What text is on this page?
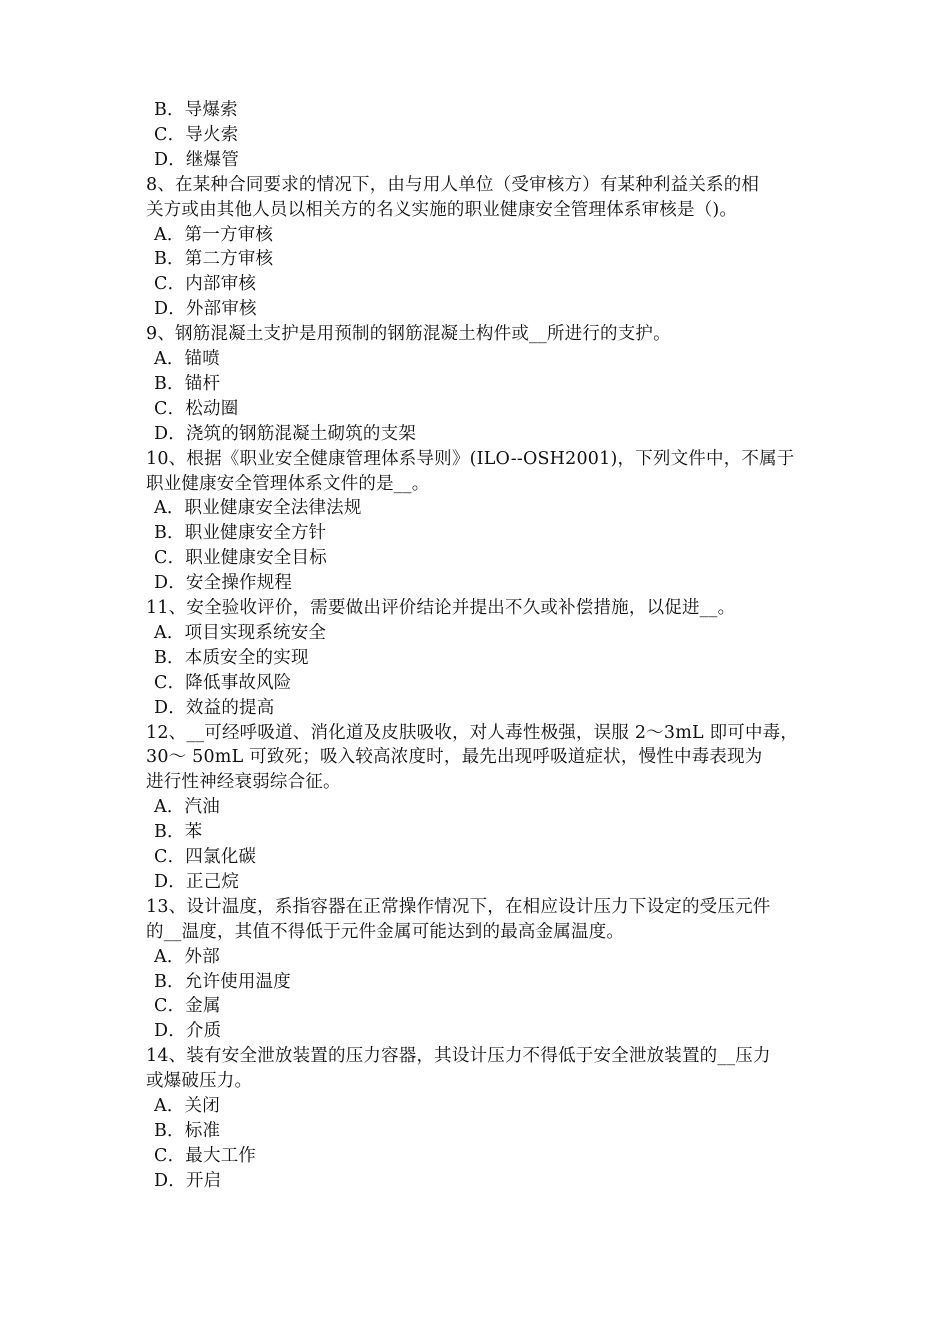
B．导爆索
C．导火索
D．继爆管
8、在某种合同要求的情况下，由与用人单位（受审核方）有某种利益关系的相
关方或由其他人员以相关方的名义实施的职业健康安全管理体系审核是（)。
A．第一方审核
B．第二方审核
C．内部审核
D．外部审核
9、钢筋混凝土支护是用预制的钢筋混凝土构件或__所进行的支护。
A．锚喷
B．锚杆
C．松动圈
D．浇筑的钢筋混凝土砌筑的支架
10、根据《职业安全健康管理体系导则》(ILO--OSH2001)，下列文件中，不属于
职业健康安全管理体系文件的是__。
A．职业健康安全法律法规
B．职业健康安全方针
C．职业健康安全目标
D．安全操作规程
11、安全验收评价，需要做出评价结论并提出不久或补偿措施，以促进__。
A．项目实现系统安全
B．本质安全的实现
C．降低事故风险
D．效益的提高
12、__可经呼吸道、消化道及皮肤吸收，对人毒性极强，误服 2～3mL 即可中毒，
30～ 50mL 可致死；吸入较高浓度时，最先出现呼吸道症状，慢性中毒表现为
进行性神经衰弱综合征。
A．汽油
B．苯
C．四氯化碳
D．正己烷
13、设计温度，系指容器在正常操作情况下，在相应设计压力下设定的受压元件
的__温度，其值不得低于元件金属可能达到的最高金属温度。
A．外部
B．允许使用温度
C．金属
D．介质
14、装有安全泄放装置的压力容器，其设计压力不得低于安全泄放装置的__压力
或爆破压力。
A．关闭
B．标准
C．最大工作
D．开启
